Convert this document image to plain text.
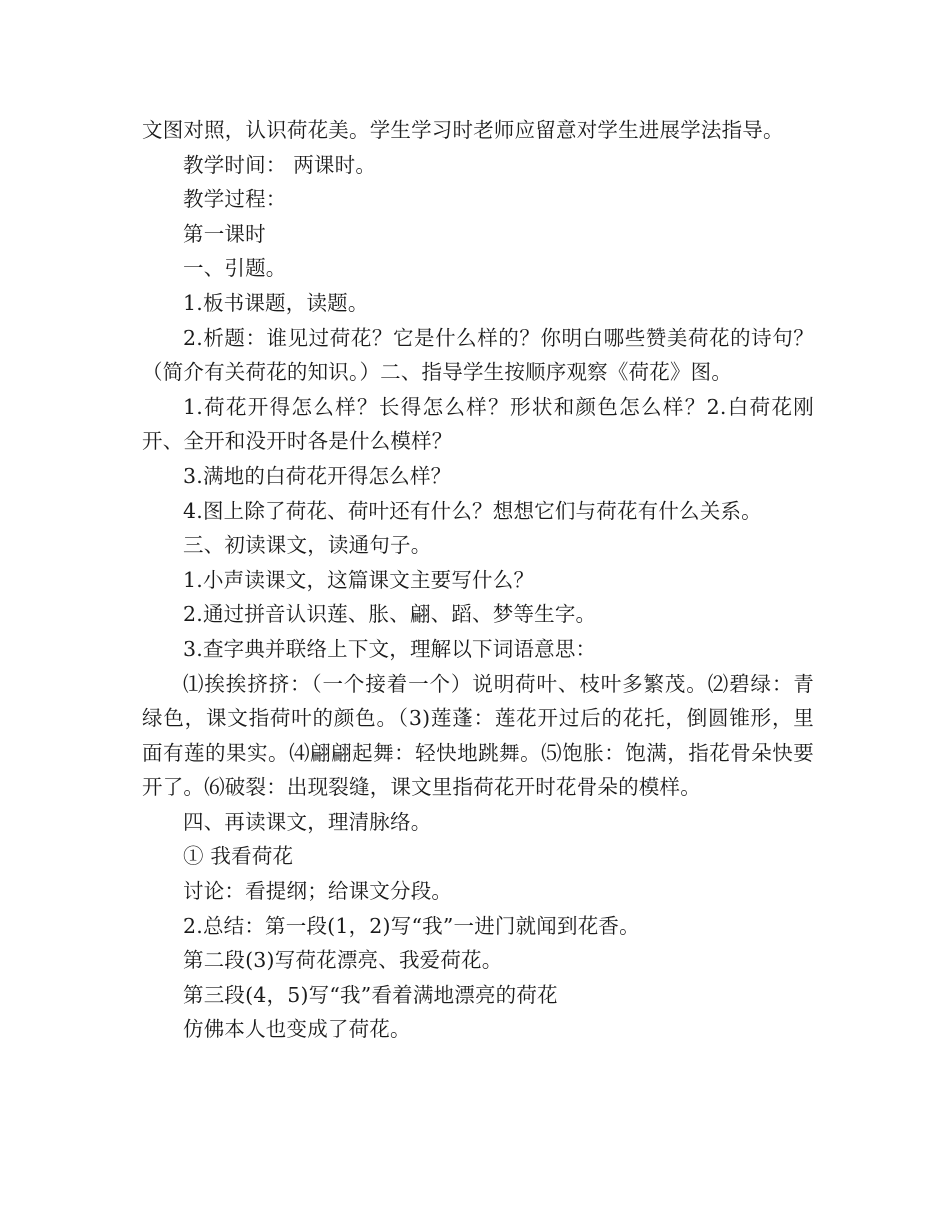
文图对照，认识荷花美。学生学习时老师应留意对学生进展学法指导。

教学时间： 两课时。

教学过程：

第一课时

一、引题。

1.板书课题，读题。

2.析题：谁见过荷花？它是什么样的？你明白哪些赞美荷花的诗句？（简介有关荷花的知识。）二、指导学生按顺序观察《荷花》图。

1.荷花开得怎么样？长得怎么样？形状和颜色怎么样？2.白荷花刚开、全开和没开时各是什么模样？

3.满地的白荷花开得怎么样？

4.图上除了荷花、荷叶还有什么？想想它们与荷花有什么关系。

三、初读课文，读通句子。

1.小声读课文，这篇课文主要写什么？

2.通过拼音认识莲、胀、翩、蹈、梦等生字。

3.查字典并联络上下文，理解以下词语意思：

⑴挨挨挤挤：（一个接着一个）说明荷叶、枝叶多繁茂。⑵碧绿：青绿色，课文指荷叶的颜色。（3)莲蓬：莲花开过后的花托，倒圆锥形，里面有莲的果实。⑷翩翩起舞：轻快地跳舞。⑸饱胀：饱满，指花骨朵快要开了。⑹破裂：出现裂缝，课文里指荷花开时花骨朵的模样。

四、再读课文，理清脉络。

① 我看荷花

讨论：看提纲；给课文分段。

2.总结：第一段(1，2)写“我”一进门就闻到花香。

第二段(3)写荷花漂亮、我爱荷花。

第三段(4，5)写“我”看着满地漂亮的荷花

仿佛本人也变成了荷花。
